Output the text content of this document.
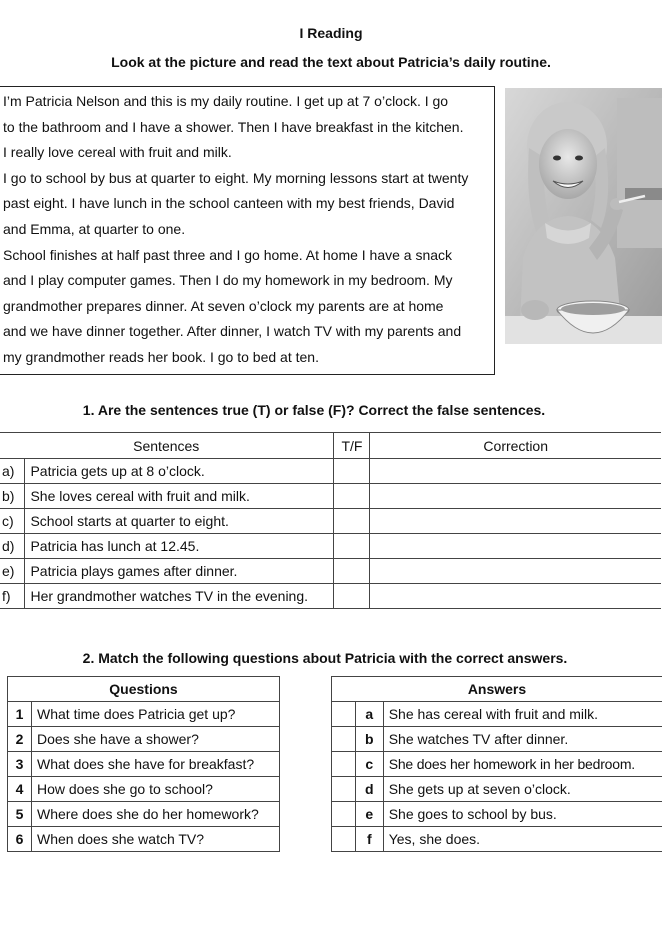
I Reading
Look at the picture and read the text about Patricia’s daily routine.
I’m Patricia Nelson and this is my daily routine. I get up at 7 o’clock. I go
to the bathroom and I have a shower. Then I have breakfast in the kitchen.
I really love cereal with fruit and milk.
I go to school by bus at quarter to eight. My morning lessons start at twenty
past eight. I have lunch in the school canteen with my best friends, David
and Emma, at quarter to one.
School finishes at half past three and I go home. At home I have a snack
and I play computer games. Then I do my homework in my bedroom. My
grandmother prepares dinner. At seven o’clock my parents are at home
and we have dinner together. After dinner, I watch TV with my parents and
my grandmother reads her book. I go to bed at ten.
1. Are the sentences true (T) or false (F)? Correct the false sentences.
Sentences		T/F	Correction
a)	Patricia gets up at 8 o’clock.		
b)	She loves cereal with fruit and milk.		
c)	School starts at quarter to eight.		
d)	Patricia has lunch at 12.45.		
e)	Patricia plays games after dinner.		
f)	Her grandmother watches TV in the evening.		
2. Match the following questions about Patricia with the correct answers.
Questions	
1	What time does Patricia get up?
2	Does she have a shower?
3	What does she have for breakfast?
4	How does she go to school?
5	Where does she do her homework?
6	When does she watch TV?
Answers		
	a	She has cereal with fruit and milk.
	b	She watches TV after dinner.
	c	She does her homework in her bedroom.
	d	She gets up at seven o’clock.
	e	She goes to school by bus.
	f	Yes, she does.
